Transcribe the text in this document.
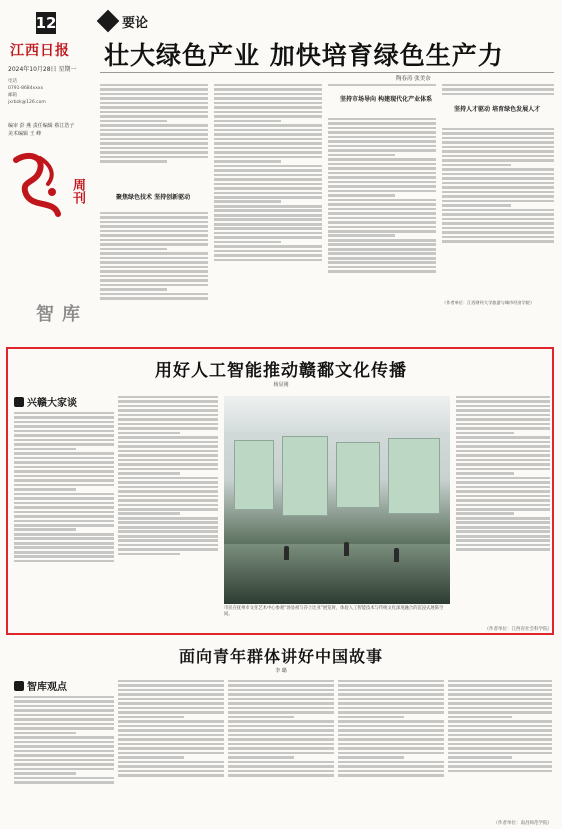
12
江西日报
2024年10月28日 星期一
电话
0791-8684xxxx
邮箱
jxrbzk@126.com
编审 彭 燕 责任编辑 蔡江浩子
美术编辑 王 峰
周刊
智库
要论
壮大绿色产业 加快培育绿色生产力
陶春涛 张美奈
聚焦绿色技术 坚持创新驱动
坚持市场导向 构建现代化产业体系
坚持人才驱动 培育绿色发展人才
（作者单位：江西财经大学旅游与城市经济学院）
用好人工智能推动赣鄱文化传播
杨显刚
兴赣大家谈
市民在抚州市文化艺术中心参观“汤显祖与莎士比亚”展览时，体验人工智能技术与传统文化深度融合的沉浸式展陈空间。
（作者单位：江西省社会科学院）
面向青年群体讲好中国故事
李 璐
智库观点
（作者单位：南昌师范学院）
